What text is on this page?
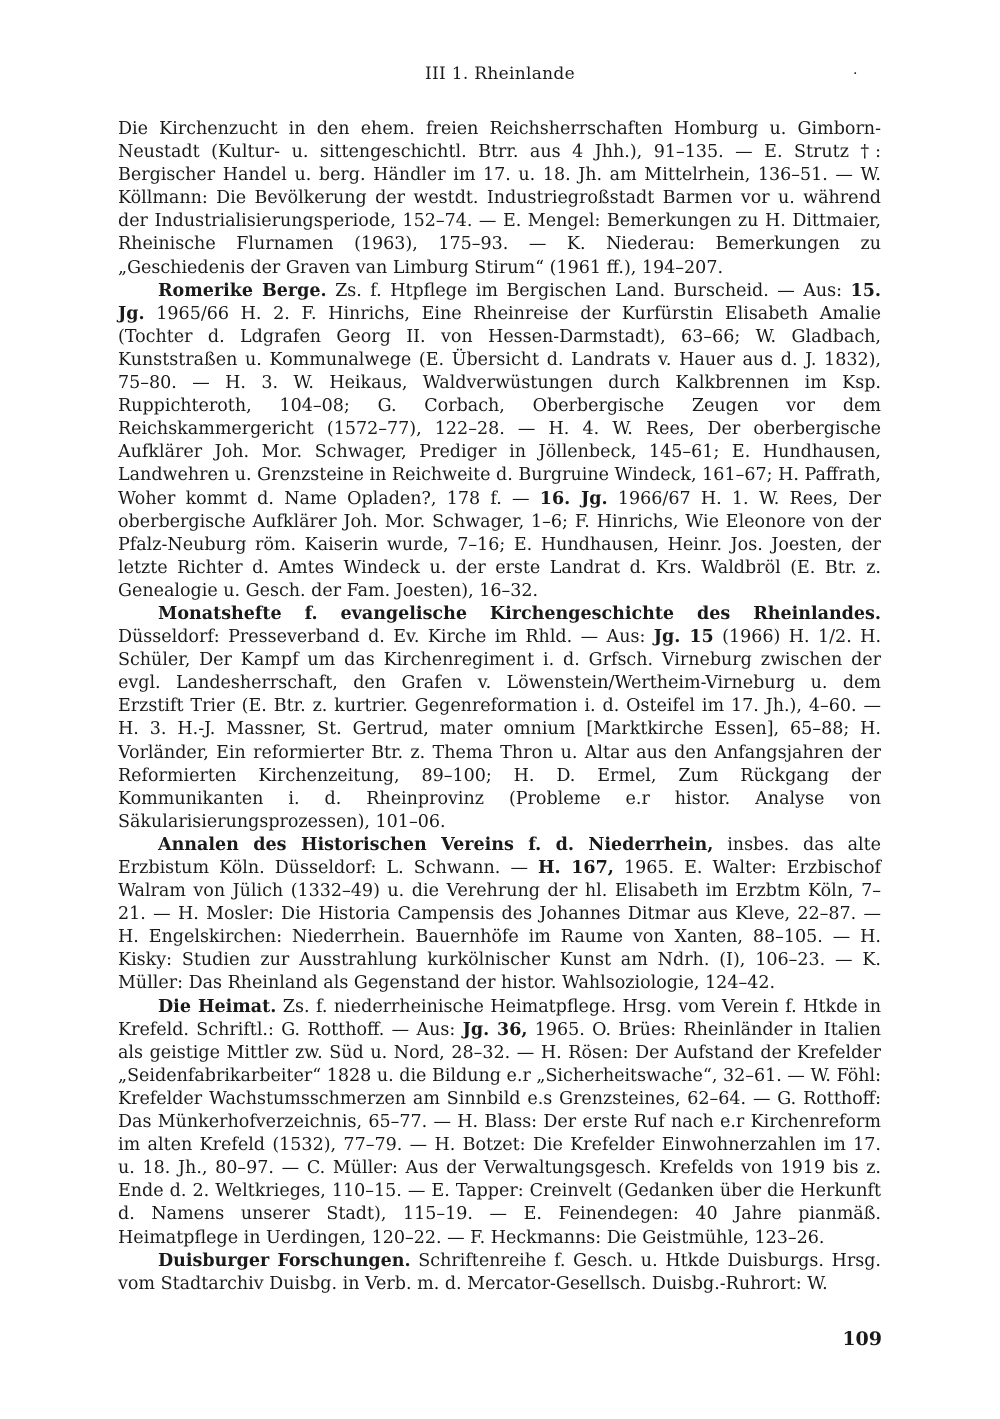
III 1. Rheinlande	·

Die Kirchenzucht in den ehem. freien Reichsherrschaften Homburg u. Gimborn-Neustadt (Kultur- u. sittengeschichtl. Btrr. aus 4 Jhh.), 91–135. — E. Strutz †: Bergischer Handel u. berg. Händler im 17. u. 18. Jh. am Mittelrhein, 136–51. — W. Köllmann: Die Bevölkerung der westdt. Industriegroßstadt Barmen vor u. während der Industrialisierungsperiode, 152–74. — E. Mengel: Bemerkungen zu H. Dittmaier, Rheinische Flurnamen (1963), 175–93. — K. Niederau: Bemerkungen zu „Geschiedenis der Graven van Limburg Stirum“ (1961 ff.), 194–207.

Romerike Berge. Zs. f. Htpflege im Bergischen Land. Burscheid. — Aus: 15. Jg. 1965/66 H. 2. F. Hinrichs, Eine Rheinreise der Kurfürstin Elisabeth Amalie (Tochter d. Ldgrafen Georg II. von Hessen-Darmstadt), 63–66; W. Gladbach, Kunststraßen u. Kommunalwege (E. Übersicht d. Landrats v. Hauer aus d. J. 1832), 75–80. — H. 3. W. Heikaus, Waldverwüstungen durch Kalkbrennen im Ksp. Ruppichteroth, 104–08; G. Corbach, Oberbergische Zeugen vor dem Reichskammergericht (1572–77), 122–28. — H. 4. W. Rees, Der oberbergische Aufklärer Joh. Mor. Schwager, Prediger in Jöllenbeck, 145–61; E. Hundhausen, Landwehren u. Grenzsteine in Reichweite d. Burgruine Windeck, 161–67; H. Paffrath, Woher kommt d. Name Opladen?, 178 f. — 16. Jg. 1966/67 H. 1. W. Rees, Der oberbergische Aufklärer Joh. Mor. Schwager, 1–6; F. Hinrichs, Wie Eleonore von der Pfalz-Neuburg röm. Kaiserin wurde, 7–16; E. Hundhausen, Heinr. Jos. Joesten, der letzte Richter d. Amtes Windeck u. der erste Landrat d. Krs. Waldbröl (E. Btr. z. Genealogie u. Gesch. der Fam. Joesten), 16–32.

Monatshefte f. evangelische Kirchengeschichte des Rheinlandes. Düsseldorf: Presseverband d. Ev. Kirche im Rhld. — Aus: Jg. 15 (1966) H. 1/2. H. Schüler, Der Kampf um das Kirchenregiment i. d. Grfsch. Virneburg zwischen der evgl. Landesherrschaft, den Grafen v. Löwenstein/Wertheim-Virneburg u. dem Erzstift Trier (E. Btr. z. kurtrier. Gegenreformation i. d. Osteifel im 17. Jh.), 4–60. — H. 3. H.-J. Massner, St. Gertrud, mater omnium [Marktkirche Essen], 65–88; H. Vorländer, Ein reformierter Btr. z. Thema Thron u. Altar aus den Anfangsjahren der Reformierten Kirchenzeitung, 89–100; H. D. Ermel, Zum Rückgang der Kommunikanten i. d. Rheinprovinz (Probleme e.r histor. Analyse von Säkularisierungsprozessen), 101–06.

Annalen des Historischen Vereins f. d. Niederrhein, insbes. das alte Erzbistum Köln. Düsseldorf: L. Schwann. — H. 167, 1965. E. Walter: Erzbischof Walram von Jülich (1332–49) u. die Verehrung der hl. Elisabeth im Erzbtm Köln, 7–21. — H. Mosler: Die Historia Campensis des Johannes Ditmar aus Kleve, 22–87. — H. Engelskirchen: Niederrhein. Bauernhöfe im Raume von Xanten, 88–105. — H. Kisky: Studien zur Ausstrahlung kurkölnischer Kunst am Ndrh. (I), 106–23. — K. Müller: Das Rheinland als Gegenstand der histor. Wahlsoziologie, 124–42.

Die Heimat. Zs. f. niederrheinische Heimatpflege. Hrsg. vom Verein f. Htkde in Krefeld. Schriftl.: G. Rotthoff. — Aus: Jg. 36, 1965. O. Brües: Rheinländer in Italien als geistige Mittler zw. Süd u. Nord, 28–32. — H. Rösen: Der Aufstand der Krefelder „Seidenfabrikarbeiter“ 1828 u. die Bildung e.r „Sicherheitswache“, 32–61. — W. Föhl: Krefelder Wachstumsschmerzen am Sinnbild e.s Grenzsteines, 62–64. — G. Rotthoff: Das Münkerhofverzeichnis, 65–77. — H. Blass: Der erste Ruf nach e.r Kirchenreform im alten Krefeld (1532), 77–79. — H. Botzet: Die Krefelder Einwohnerzahlen im 17. u. 18. Jh., 80–97. — C. Müller: Aus der Verwaltungsgesch. Krefelds von 1919 bis z. Ende d. 2. Weltkrieges, 110–15. — E. Tapper: Creinvelt (Gedanken über die Herkunft d. Namens unserer Stadt), 115–19. — E. Feinendegen: 40 Jahre pianmäß. Heimatpflege in Uerdingen, 120–22. — F. Heckmanns: Die Geistmühle, 123–26.

Duisburger Forschungen. Schriftenreihe f. Gesch. u. Htkde Duisburgs. Hrsg. vom Stadtarchiv Duisbg. in Verb. m. d. Mercator-Gesellsch. Duisbg.-Ruhrort: W.

109
